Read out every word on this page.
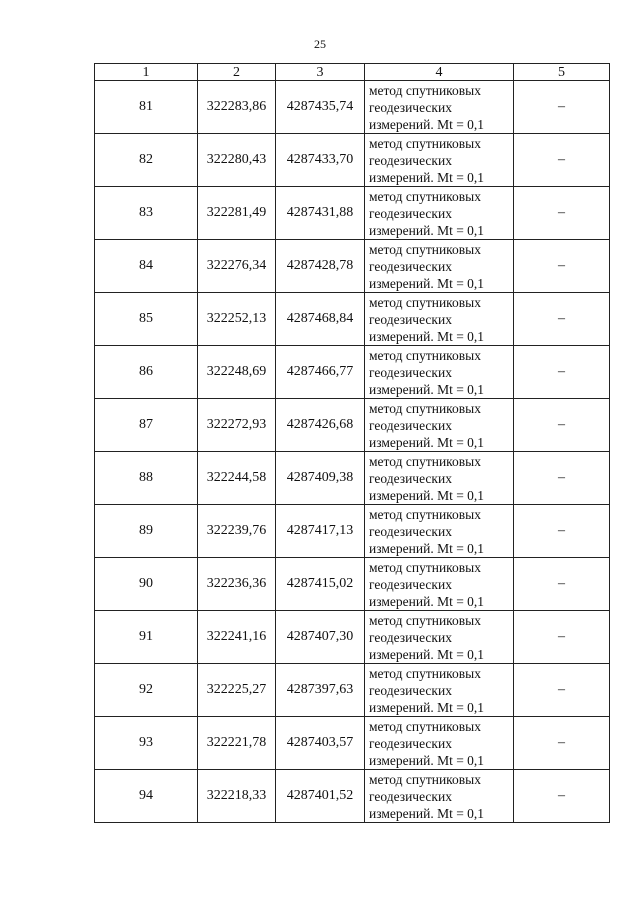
25
1	2	3	4	5
81	322283,86	4287435,74	метод спутниковых
геодезических
измерений. Mt = 0,1	–
82	322280,43	4287433,70	метод спутниковых
геодезических
измерений. Mt = 0,1	–
83	322281,49	4287431,88	метод спутниковых
геодезических
измерений. Mt = 0,1	–
84	322276,34	4287428,78	метод спутниковых
геодезических
измерений. Mt = 0,1	–
85	322252,13	4287468,84	метод спутниковых
геодезических
измерений. Mt = 0,1	–
86	322248,69	4287466,77	метод спутниковых
геодезических
измерений. Mt = 0,1	–
87	322272,93	4287426,68	метод спутниковых
геодезических
измерений. Mt = 0,1	–
88	322244,58	4287409,38	метод спутниковых
геодезических
измерений. Mt = 0,1	–
89	322239,76	4287417,13	метод спутниковых
геодезических
измерений. Mt = 0,1	–
90	322236,36	4287415,02	метод спутниковых
геодезических
измерений. Mt = 0,1	–
91	322241,16	4287407,30	метод спутниковых
геодезических
измерений. Mt = 0,1	–
92	322225,27	4287397,63	метод спутниковых
геодезических
измерений. Mt = 0,1	–
93	322221,78	4287403,57	метод спутниковых
геодезических
измерений. Mt = 0,1	–
94	322218,33	4287401,52	метод спутниковых
геодезических
измерений. Mt = 0,1	–
